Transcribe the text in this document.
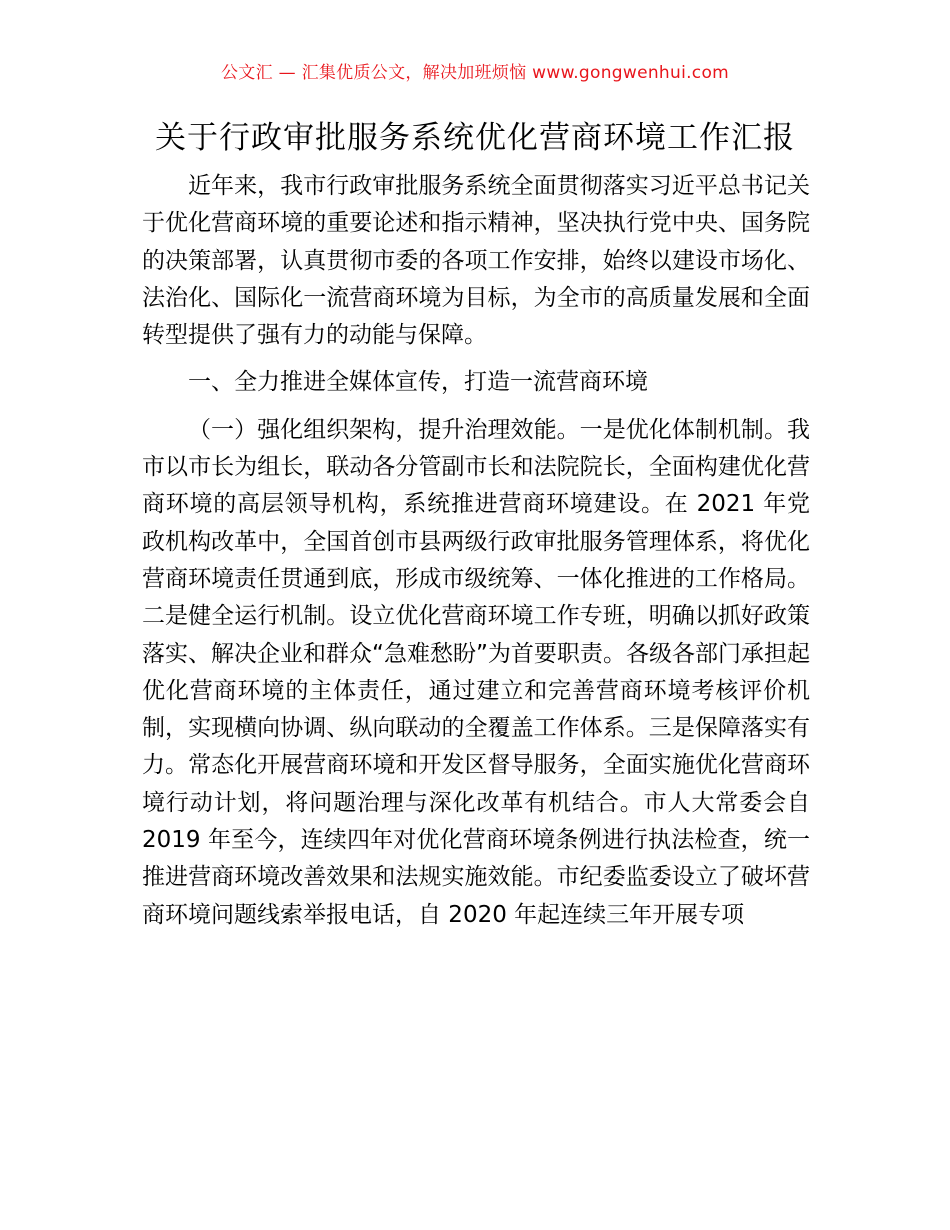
公文汇 — 汇集优质公文，解决加班烦恼 www.gongwenhui.com
关于行政审批服务系统优化营商环境工作汇报

近年来，我市行政审批服务系统全面贯彻落实习近平总书记关于优化营商环境的重要论述和指示精神，坚决执行党中央、国务院的决策部署，认真贯彻市委的各项工作安排，始终以建设市场化、法治化、国际化一流营商环境为目标，为全市的高质量发展和全面转型提供了强有力的动能与保障。

一、全力推进全媒体宣传，打造一流营商环境

（一）强化组织架构，提升治理效能。一是优化体制机制。我市以市长为组长，联动各分管副市长和法院院长，全面构建优化营商环境的高层领导机构，系统推进营商环境建设。在 2021 年党政机构改革中，全国首创市县两级行政审批服务管理体系，将优化营商环境责任贯通到底，形成市级统筹、一体化推进的工作格局。二是健全运行机制。设立优化营商环境工作专班，明确以抓好政策落实、解决企业和群众“急难愁盼”为首要职责。各级各部门承担起优化营商环境的主体责任，通过建立和完善营商环境考核评价机制，实现横向协调、纵向联动的全覆盖工作体系。三是保障落实有力。常态化开展营商环境和开发区督导服务，全面实施优化营商环境行动计划，将问题治理与深化改革有机结合。市人大常委会自 2019 年至今，连续四年对优化营商环境条例进行执法检查，统一推进营商环境改善效果和法规实施效能。市纪委监委设立了破坏营商环境问题线索举报电话，自 2020 年起连续三年开展专项
